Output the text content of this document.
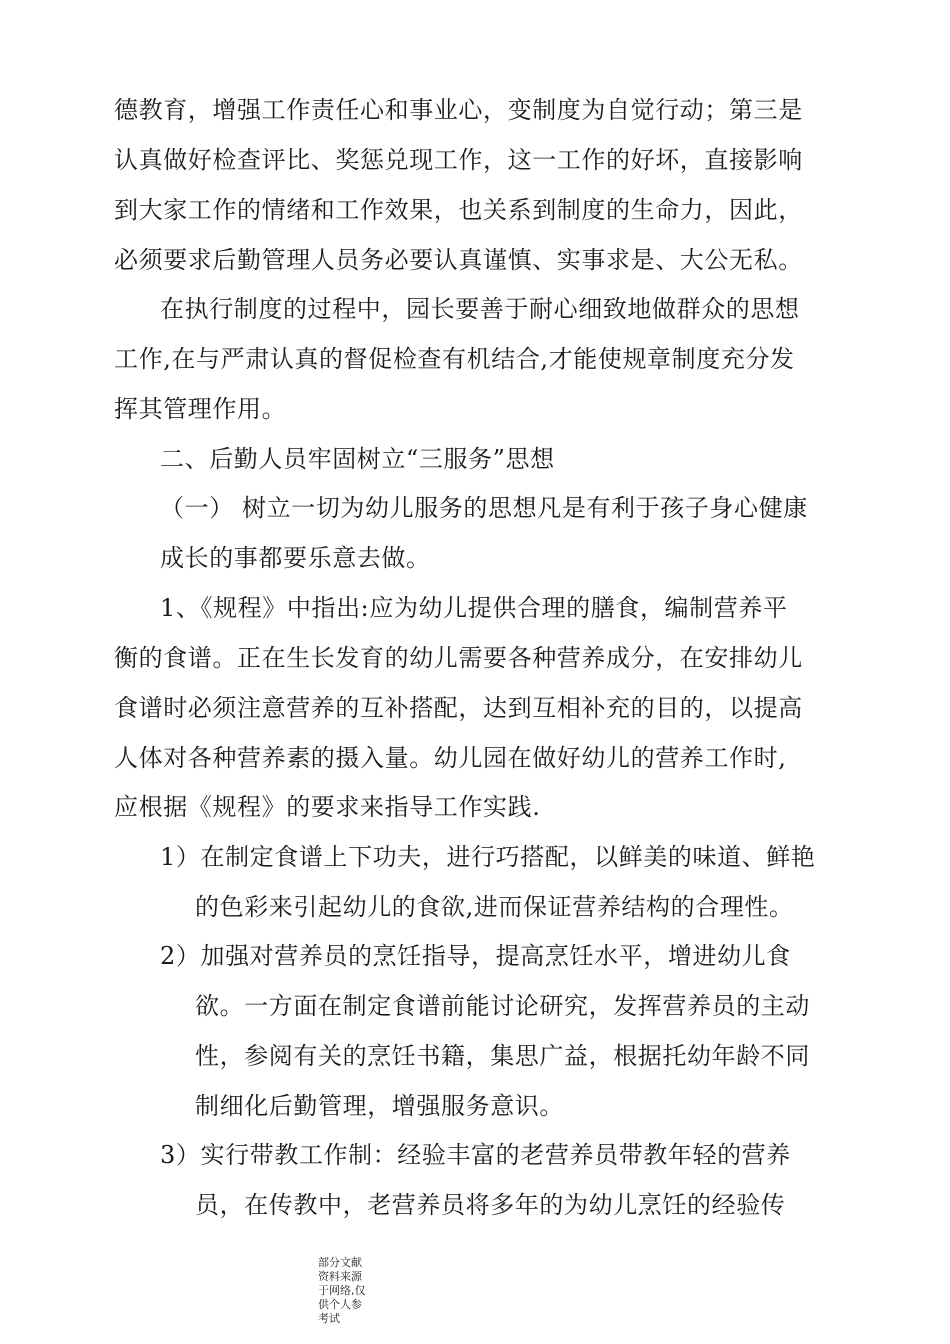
德教育，增强工作责任心和事业心，变制度为自觉行动；第三是
认真做好检查评比、奖惩兑现工作，这一工作的好坏，直接影响
到大家工作的情绪和工作效果，也关系到制度的生命力，因此，
必须要求后勤管理人员务必要认真谨慎、实事求是、大公无私。
在执行制度的过程中，园长要善于耐心细致地做群众的思想
工作,在与严肃认真的督促检查有机结合,才能使规章制度充分发
挥其管理作用。
二、后勤人员牢固树立“三服务”思想
（一） 树立一切为幼儿服务的思想凡是有利于孩子身心健康
成长的事都要乐意去做。
1、《规程》中指出:应为幼儿提供合理的膳食，编制营养平
衡的食谱。正在生长发育的幼儿需要各种营养成分，在安排幼儿
食谱时必须注意营养的互补搭配，达到互相补充的目的，以提高
人体对各种营养素的摄入量。幼儿园在做好幼儿的营养工作时,
应根据《规程》的要求来指导工作实践.
1）在制定食谱上下功夫，进行巧搭配，以鲜美的味道、鲜艳
的色彩来引起幼儿的食欲,进而保证营养结构的合理性。
2）加强对营养员的烹饪指导，提高烹饪水平，增进幼儿食
欲。一方面在制定食谱前能讨论研究，发挥营养员的主动
性，参阅有关的烹饪书籍，集思广益，根据托幼年龄不同
制细化后勤管理，增强服务意识。
3）实行带教工作制：经验丰富的老营养员带教年轻的营养
员，在传教中，老营养员将多年的为幼儿烹饪的经验传
部分文献资料来源于网络,仅供个人参考试
